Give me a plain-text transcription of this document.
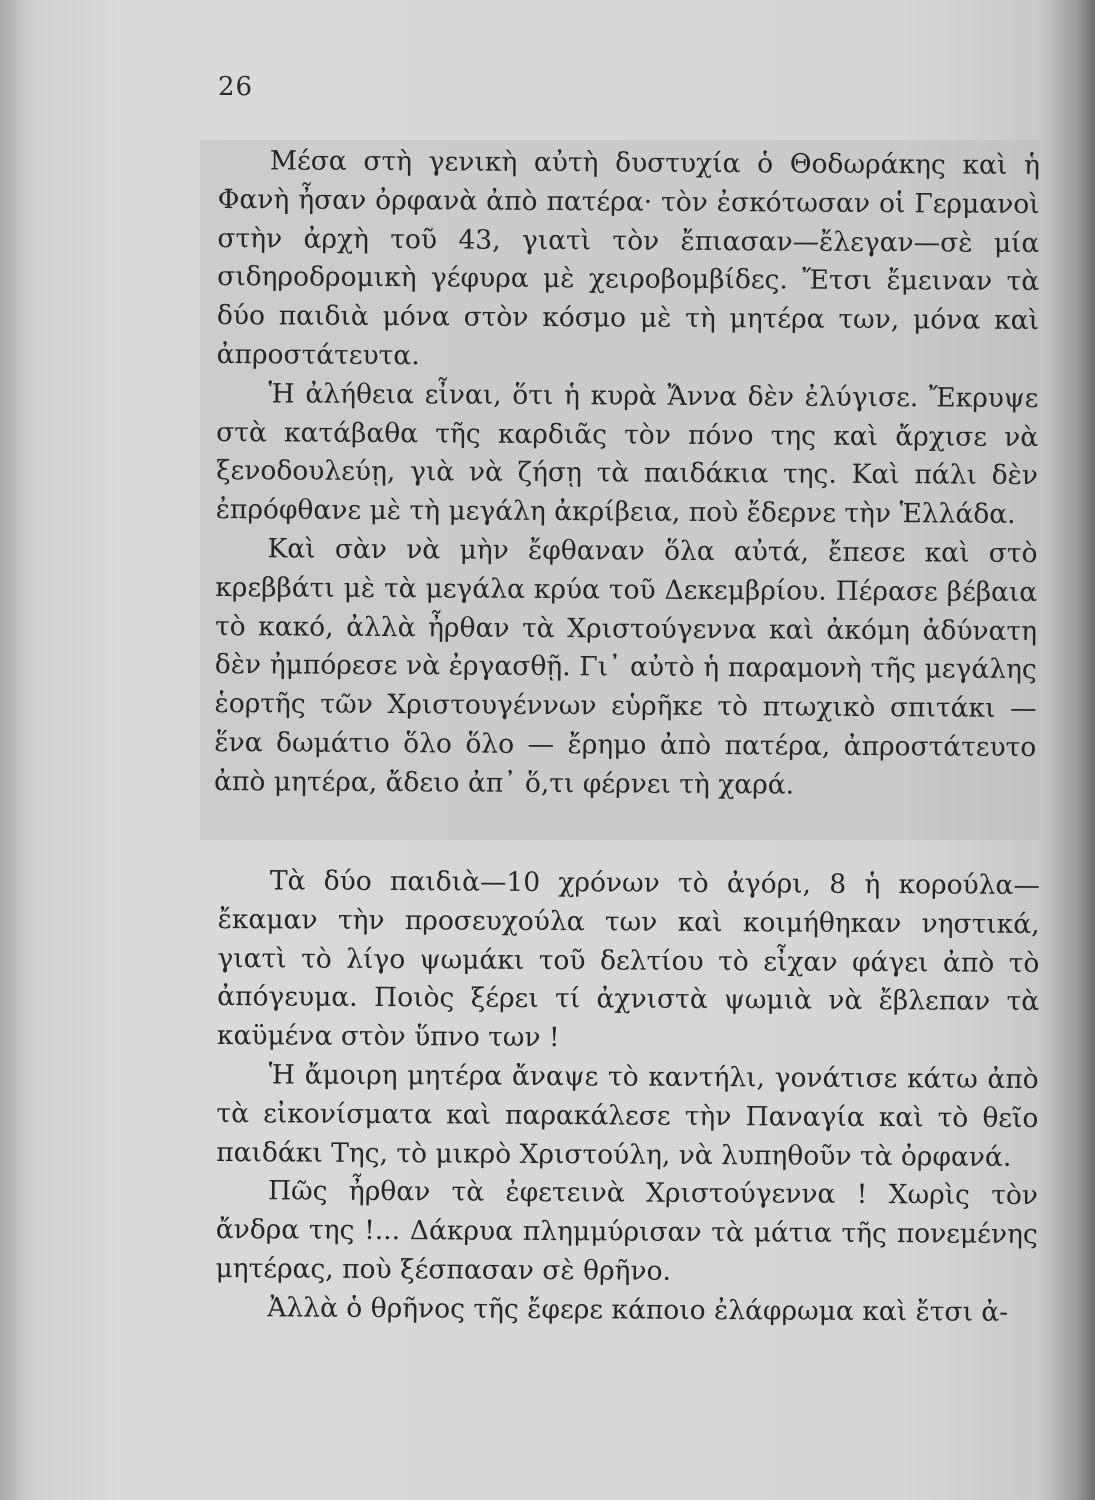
26

Μέσα στὴ γενικὴ αὐτὴ δυστυχία ὁ Θοδωράκης καὶ ἡ Φανὴ ἦσαν ὀρφανὰ ἀπὸ πατέρα· τὸν ἐσκότωσαν οἱ Γερμανοὶ στὴν ἀρχὴ τοῦ 43, γιατὶ τὸν ἔπιασαν—ἔλεγαν—σὲ μία σιδηροδρομικὴ γέφυρα μὲ χειροβομβίδες. Ἔτσι ἔμειναν τὰ δύο παιδιὰ μόνα στὸν κόσμο μὲ τὴ μητέρα των, μόνα καὶ ἀπροστάτευτα.

Ἡ ἀλήθεια εἶναι, ὅτι ἡ κυρὰ Ἄννα δὲν ἐλύγισε. Ἔκρυψε στὰ κατάβαθα τῆς καρδιᾶς τὸν πόνο της καὶ ἄρχισε νὰ ξενοδουλεύῃ, γιὰ νὰ ζήσῃ τὰ παιδάκια της. Καὶ πάλι δὲν ἐπρόφθανε μὲ τὴ μεγάλη ἀκρίβεια, ποὺ ἔδερνε τὴν Ἑλλάδα.

Καὶ σὰν νὰ μὴν ἔφθαναν ὅλα αὐτά, ἔπεσε καὶ στὸ κρεββάτι μὲ τὰ μεγάλα κρύα τοῦ Δεκεμβρίου. Πέρασε βέβαια τὸ κακό, ἀλλὰ ἦρθαν τὰ Χριστούγεννα καὶ ἀκόμη ἀδύνατη δὲν ἠμπόρεσε νὰ ἐργασθῇ. Γι᾽ αὐτὸ ἡ παραμονὴ τῆς μεγάλης ἑορτῆς τῶν Χριστουγέννων εὑρῆκε τὸ πτωχικὸ σπιτάκι — ἕνα δωμάτιο ὅλο ὅλο — ἔρημο ἀπὸ πατέρα, ἀπροστάτευτο ἀπὸ μητέρα, ἄδειο ἀπ᾽ ὅ,τι φέρνει τὴ χαρά.

Τὰ δύο παιδιὰ—10 χρόνων τὸ ἀγόρι, 8 ἡ κορούλα—ἔκαμαν τὴν προσευχούλα των καὶ κοιμήθηκαν νηστικά, γιατὶ τὸ λίγο ψωμάκι τοῦ δελτίου τὸ εἶχαν φάγει ἀπὸ τὸ ἀπόγευμα. Ποιὸς ξέρει τί ἀχνιστὰ ψωμιὰ νὰ ἔβλεπαν τὰ καϋμένα στὸν ὕπνο των !

Ἡ ἄμοιρη μητέρα ἄναψε τὸ καντήλι, γονάτισε κάτω ἀπὸ τὰ εἰκονίσματα καὶ παρακάλεσε τὴν Παναγία καὶ τὸ θεῖο παιδάκι Της, τὸ μικρὸ Χριστούλη, νὰ λυπηθοῦν τὰ ὀρφανά.

Πῶς ἦρθαν τὰ ἐφετεινὰ Χριστούγεννα ! Χωρὶς τὸν ἄνδρα της !... Δάκρυα πλημμύρισαν τὰ μάτια τῆς πονεμένης μητέρας, ποὺ ξέσπασαν σὲ θρῆνο.

Ἀλλὰ ὁ θρῆνος τῆς ἔφερε κάποιο ἐλάφρωμα καὶ ἔτσι ἀ-
